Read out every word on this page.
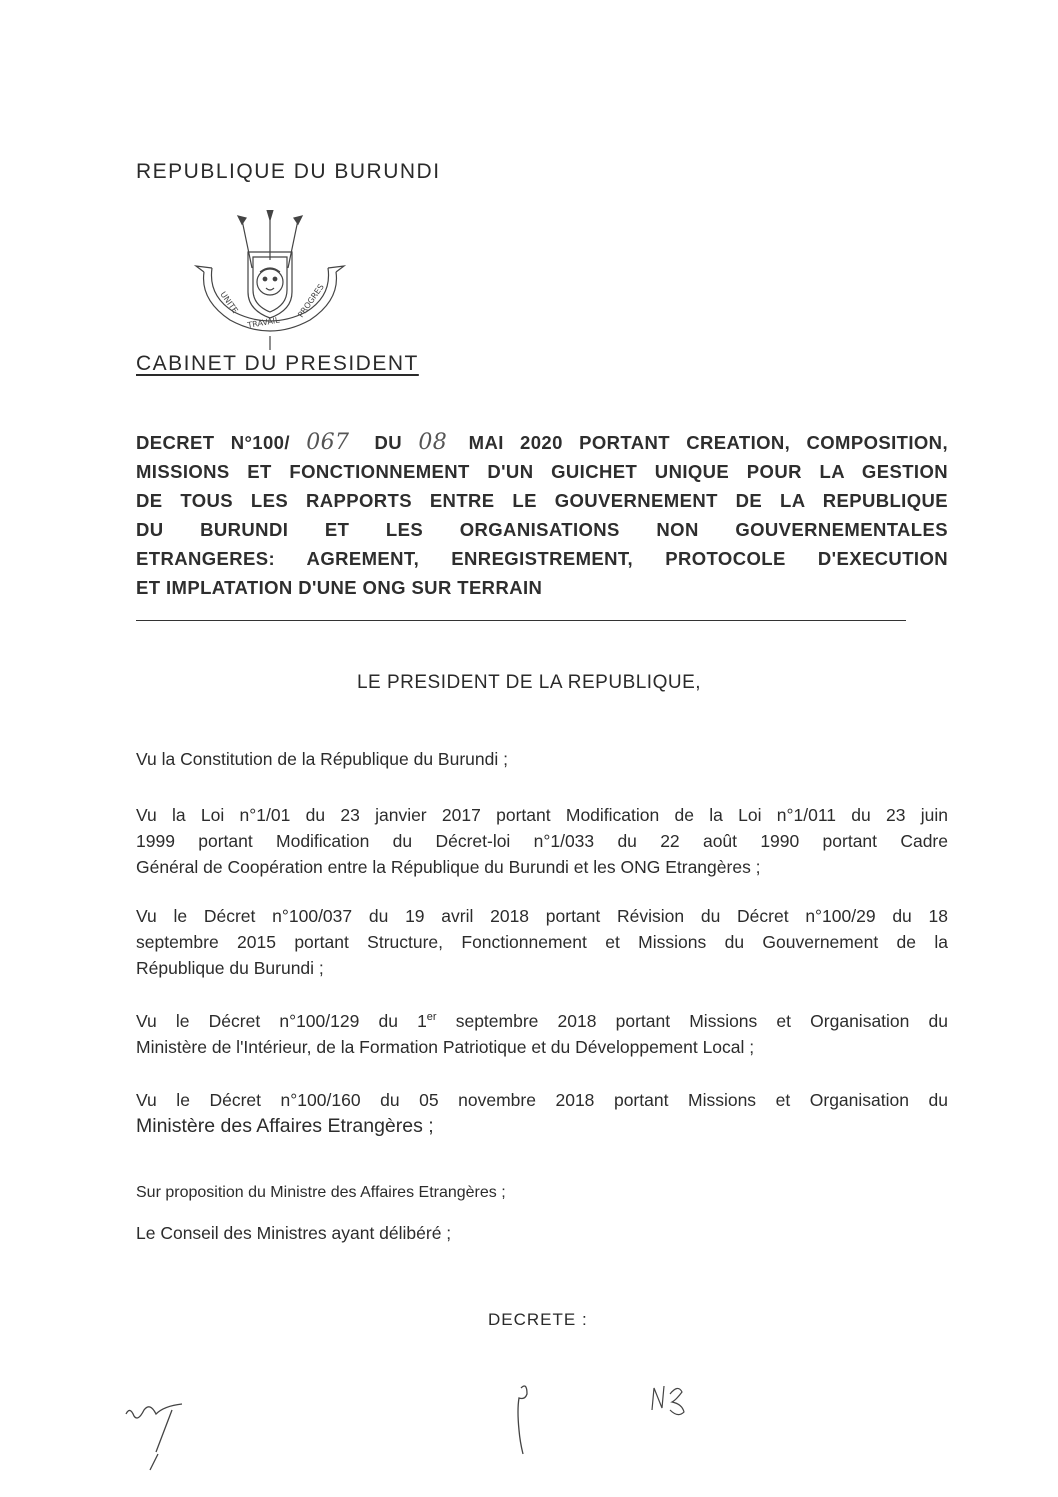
REPUBLIQUE DU BURUNDI
UNITE
TRAVAIL
PROGRES
CABINET DU PRESIDENT
DECRET N°100/ 067 DU 08 MAI 2020 PORTANT CREATION, COMPOSITION,
MISSIONS ET FONCTIONNEMENT D'UN GUICHET UNIQUE POUR LA GESTION
DE TOUS LES RAPPORTS ENTRE LE GOUVERNEMENT DE LA REPUBLIQUE
DU BURUNDI ET LES ORGANISATIONS NON GOUVERNEMENTALES
ETRANGERES: AGREMENT, ENREGISTREMENT, PROTOCOLE D'EXECUTION
ET IMPLATATION D'UNE ONG SUR TERRAIN
LE PRESIDENT DE LA REPUBLIQUE,
Vu la Constitution de la République du Burundi ;
Vu la Loi n°1/01 du 23 janvier 2017 portant Modification de la Loi n°1/011 du 23 juin
1999 portant Modification du Décret-loi n°1/033 du 22 août 1990 portant Cadre
Général de Coopération entre la République du Burundi et les ONG Etrangères ;
Vu le Décret n°100/037 du 19 avril 2018 portant Révision du Décret n°100/29 du 18
septembre 2015 portant Structure, Fonctionnement et Missions du Gouvernement de la
République du Burundi ;
Vu le Décret n°100/129 du 1er septembre 2018 portant Missions et Organisation du
Ministère de l'Intérieur, de la Formation Patriotique et du Développement Local ;
Vu le Décret n°100/160 du 05 novembre 2018 portant Missions et Organisation du
Ministère des Affaires Etrangères ;
Sur proposition du Ministre des Affaires Etrangères ;
Le Conseil des Ministres ayant délibéré ;
DECRETE :
